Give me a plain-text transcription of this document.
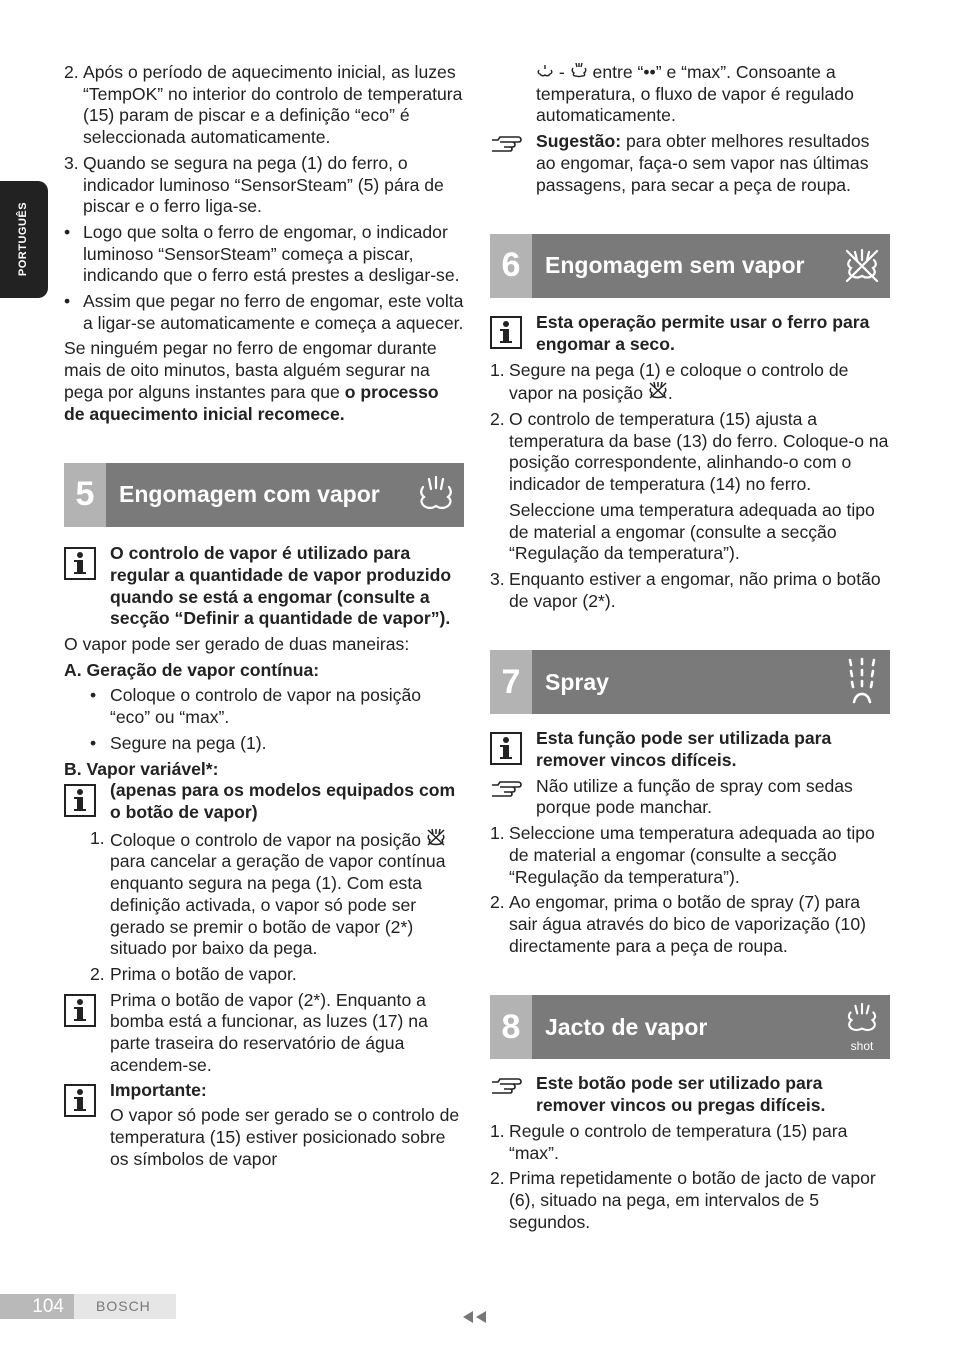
PORTUGUÊS
2. Após o período de aquecimento inicial, as luzes “TempOK” no interior do controlo de temperatura (15) param de piscar e a definição “eco” é seleccionada automaticamente.
3. Quando se segura na pega (1) do ferro, o indicador luminoso “SensorSteam” (5) pára de piscar e o ferro liga-se.
• Logo que solta o ferro de engomar, o indicador luminoso “SensorSteam” começa a piscar, indicando que o ferro está prestes a desligar-se.
• Assim que pegar no ferro de engomar, este volta a ligar-se automaticamente e começa a aquecer.
Se ninguém pegar no ferro de engomar durante mais de oito minutos, basta alguém segurar na pega por alguns instantes para que o processo de aquecimento inicial recomece.
5	Engomagem com vapor
O controlo de vapor é utilizado para regular a quantidade de vapor produzido quando se está a engomar (consulte a secção “Definir a quantidade de vapor”).
O vapor pode ser gerado de duas maneiras:
A. Geração de vapor contínua:
• Coloque o controlo de vapor na posição “eco” ou “max”.
• Segure na pega (1).
B. Vapor variável*:
(apenas para os modelos equipados com o botão de vapor)
1. Coloque o controlo de vapor na posição  para cancelar a geração de vapor contínua enquanto segura na pega (1). Com esta definição activada, o vapor só pode ser gerado se premir o botão de vapor (2*) situado por baixo da pega.
2. Prima o botão de vapor.
Prima o botão de vapor (2*). Enquanto a bomba está a funcionar, as luzes (17) na parte traseira do reservatório de água acendem-se.
Importante:
O vapor só pode ser gerado se o controlo de temperatura (15) estiver posicionado sobre os símbolos de vapor
- entre “••” e “max”. Consoante a temperatura, o fluxo de vapor é regulado automaticamente.
Sugestão: para obter melhores resultados ao engomar, faça-o sem vapor nas últimas passagens, para secar a peça de roupa.
6	Engomagem sem vapor
Esta operação permite usar o ferro para engomar a seco.
1. Segure na pega (1) e coloque o controlo de vapor na posição .
2. O controlo de temperatura (15) ajusta a temperatura da base (13) do ferro. Coloque-o na posição correspondente, alinhando-o com o indicador de temperatura (14) no ferro.
Seleccione uma temperatura adequada ao tipo de material a engomar (consulte a secção “Regulação da temperatura”).
3. Enquanto estiver a engomar, não prima o botão de vapor (2*).
7	Spray
Esta função pode ser utilizada para remover vincos difíceis.
Não utilize a função de spray com sedas porque pode manchar.
1. Seleccione uma temperatura adequada ao tipo de material a engomar (consulte a secção “Regulação da temperatura”).
2. Ao engomar, prima o botão de spray (7) para sair água através do bico de vaporização (10) directamente para a peça de roupa.
8	Jacto de vapor
shot
Este botão pode ser utilizado para remover vincos ou pregas difíceis.
1. Regule o controlo de temperatura (15) para “max”.
2. Prima repetidamente o botão de jacto de vapor (6), situado na pega, em intervalos de 5 segundos.
104	BOSCH
